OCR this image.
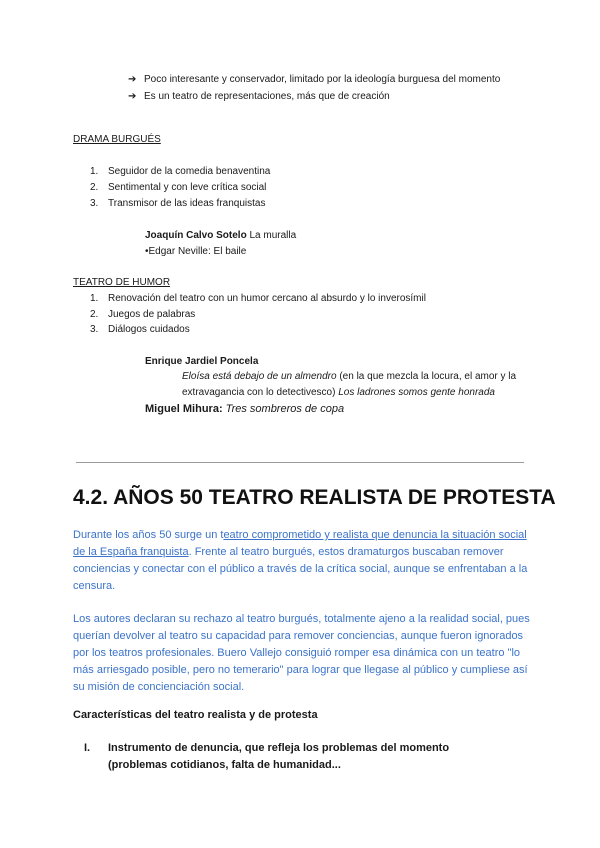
➔ Poco interesante y conservador, limitado por la ideología burguesa del momento
➔ Es un teatro de representaciones, más que de creación
DRAMA BURGUÉS
1. Seguidor de la comedia benaventina
2. Sentimental y con leve crítica social
3. Transmisor de las ideas franquistas
Joaquín Calvo Sotelo La muralla
•Edgar Neville: El baile
TEATRO DE HUMOR
1. Renovación del teatro con un humor cercano al absurdo y lo inverosímil
2. Juegos de palabras
3. Diálogos cuidados
Enrique Jardiel Poncela
Eloísa está debajo de un almendro (en la que mezcla la locura, el amor y la
extravagancia con lo detectivesco) Los ladrones somos gente honrada
Miguel Mihura: Tres sombreros de copa
4.2. AÑOS 50 TEATRO REALISTA DE PROTESTA
Durante los años 50 surge un teatro comprometido y realista que denuncia la situación social de la España franquista. Frente al teatro burgués, estos dramaturgos buscaban remover conciencias y conectar con el público a través de la crítica social, aunque se enfrentaban a la censura.
Los autores declaran su rechazo al teatro burgués, totalmente ajeno a la realidad social, pues querían devolver al teatro su capacidad para remover conciencias, aunque fueron ignorados por los teatros profesionales. Buero Vallejo consiguió romper esa dinámica con un teatro "lo más arriesgado posible, pero no temerario" para lograr que llegase al público y cumpliese así su misión de concienciación social.
Características del teatro realista y de protesta
I. Instrumento de denuncia, que refleja los problemas del momento (problemas cotidianos, falta de humanidad...
